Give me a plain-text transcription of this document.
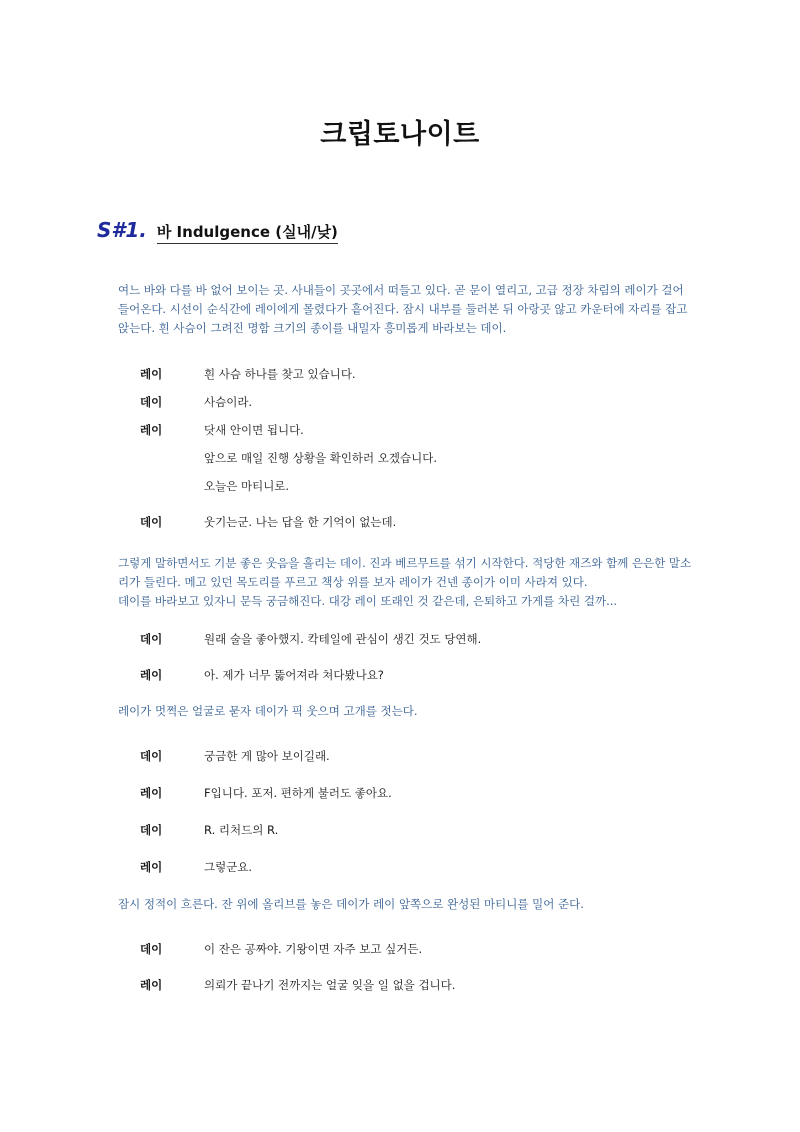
크립토나이트
S#1. 바 Indulgence (실내/낮)
여느 바와 다를 바 없어 보이는 곳. 사내들이 곳곳에서 떠들고 있다. 곧 문이 열리고, 고급 정장 차림의 레이가 걸어 들어온다. 시선이 순식간에 레이에게 몰렸다가 흩어진다. 잠시 내부를 둘러본 뒤 아랑곳 않고 카운터에 자리를 잡고 앉는다. 흰 사슴이 그려진 명함 크기의 종이를 내밀자 흥미롭게 바라보는 데이.
레이	흰 사슴 하나를 찾고 있습니다.
데이	사슴이라.
레이	닷새 안이면 됩니다.
앞으로 매일 진행 상황을 확인하러 오겠습니다.
오늘은 마티니로.
데이	웃기는군. 나는 답을 한 기억이 없는데.
그렇게 말하면서도 기분 좋은 웃음을 흘리는 데이. 진과 베르무트를 섞기 시작한다. 적당한 재즈와 함께 은은한 말소리가 들린다. 메고 있던 목도리를 푸르고 책상 위를 보자 레이가 건넨 종이가 이미 사라져 있다.
데이를 바라보고 있자니 문득 궁금해진다. 대강 레이 또래인 것 같은데, 은퇴하고 가게를 차린 걸까...
데이	원래 술을 좋아했지. 칵테일에 관심이 생긴 것도 당연해.
레이	아. 제가 너무 뚫어져라 쳐다봤나요?
레이가 멋쩍은 얼굴로 묻자 데이가 픽 웃으며 고개를 젓는다.
데이	궁금한 게 많아 보이길래.
레이	F입니다. 포저. 편하게 불러도 좋아요.
데이	R. 리처드의 R.
레이	그렇군요.
잠시 정적이 흐른다. 잔 위에 올리브를 놓은 데이가 레이 앞쪽으로 완성된 마티니를 밀어 준다.
데이	이 잔은 공짜야. 기왕이면 자주 보고 싶거든.
레이	의뢰가 끝나기 전까지는 얼굴 잊을 일 없을 겁니다.
